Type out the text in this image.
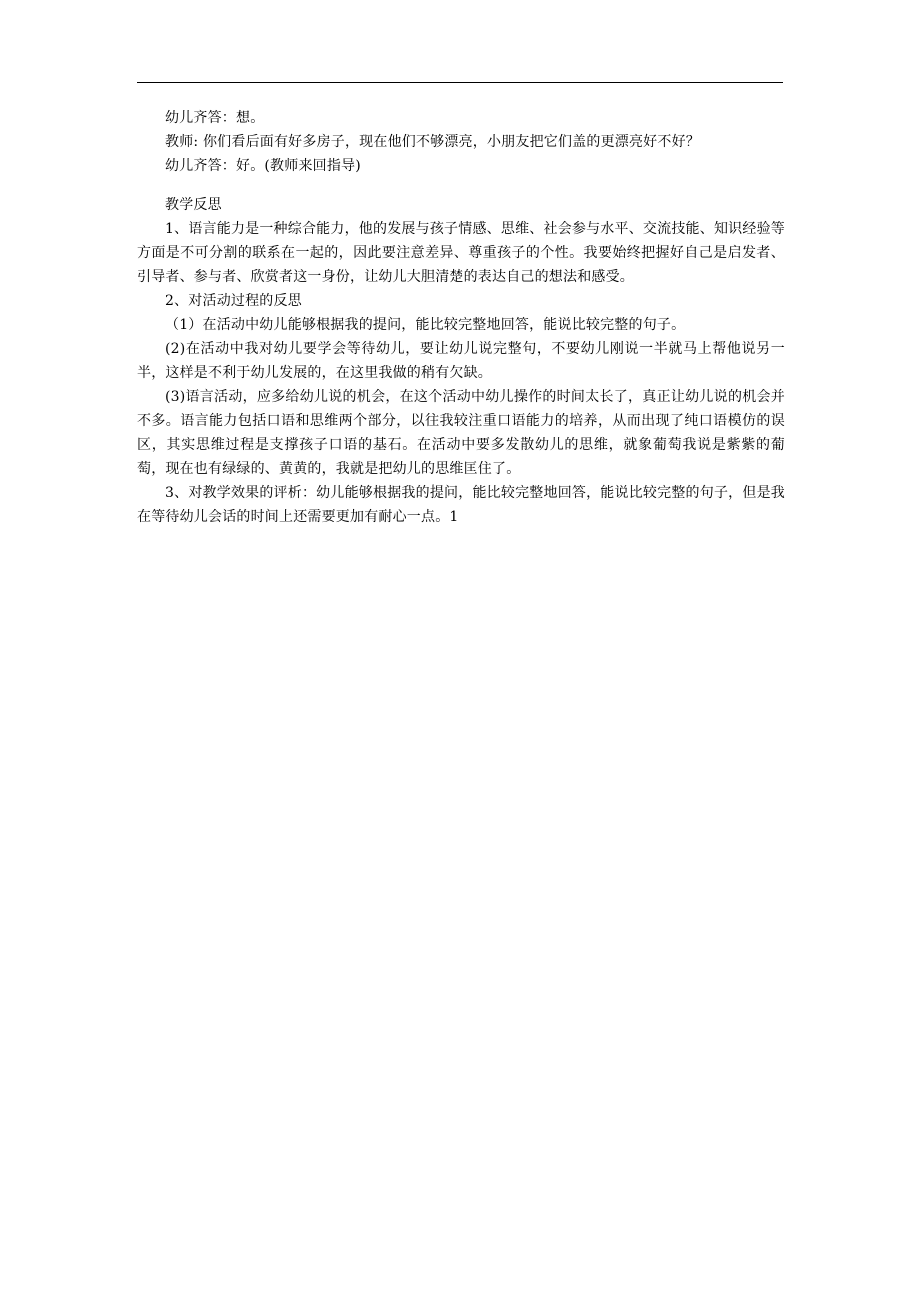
幼儿齐答：想。

教师: 你们看后面有好多房子，现在他们不够漂亮，小朋友把它们盖的更漂亮好不好？

幼儿齐答：好。(教师来回指导)

教学反思

1、语言能力是一种综合能力，他的发展与孩子情感、思维、社会参与水平、交流技能、知识经验等方面是不可分割的联系在一起的，因此要注意差异、尊重孩子的个性。我要始终把握好自己是启发者、引导者、参与者、欣赏者这一身份，让幼儿大胆清楚的表达自己的想法和感受。

2、对活动过程的反思

（1）在活动中幼儿能够根据我的提问，能比较完整地回答，能说比较完整的句子。

(2)在活动中我对幼儿要学会等待幼儿，要让幼儿说完整句，不要幼儿刚说一半就马上帮他说另一半，这样是不利于幼儿发展的，在这里我做的稍有欠缺。

(3)语言活动，应多给幼儿说的机会，在这个活动中幼儿操作的时间太长了，真正让幼儿说的机会并不多。语言能力包括口语和思维两个部分，以往我较注重口语能力的培养，从而出现了纯口语模仿的误区，其实思维过程是支撑孩子口语的基石。在活动中要多发散幼儿的思维，就象葡萄我说是紫紫的葡萄，现在也有绿绿的、黄黄的，我就是把幼儿的思维匡住了。

3、对教学效果的评析：幼儿能够根据我的提问，能比较完整地回答，能说比较完整的句子，但是我在等待幼儿会话的时间上还需要更加有耐心一点。1
